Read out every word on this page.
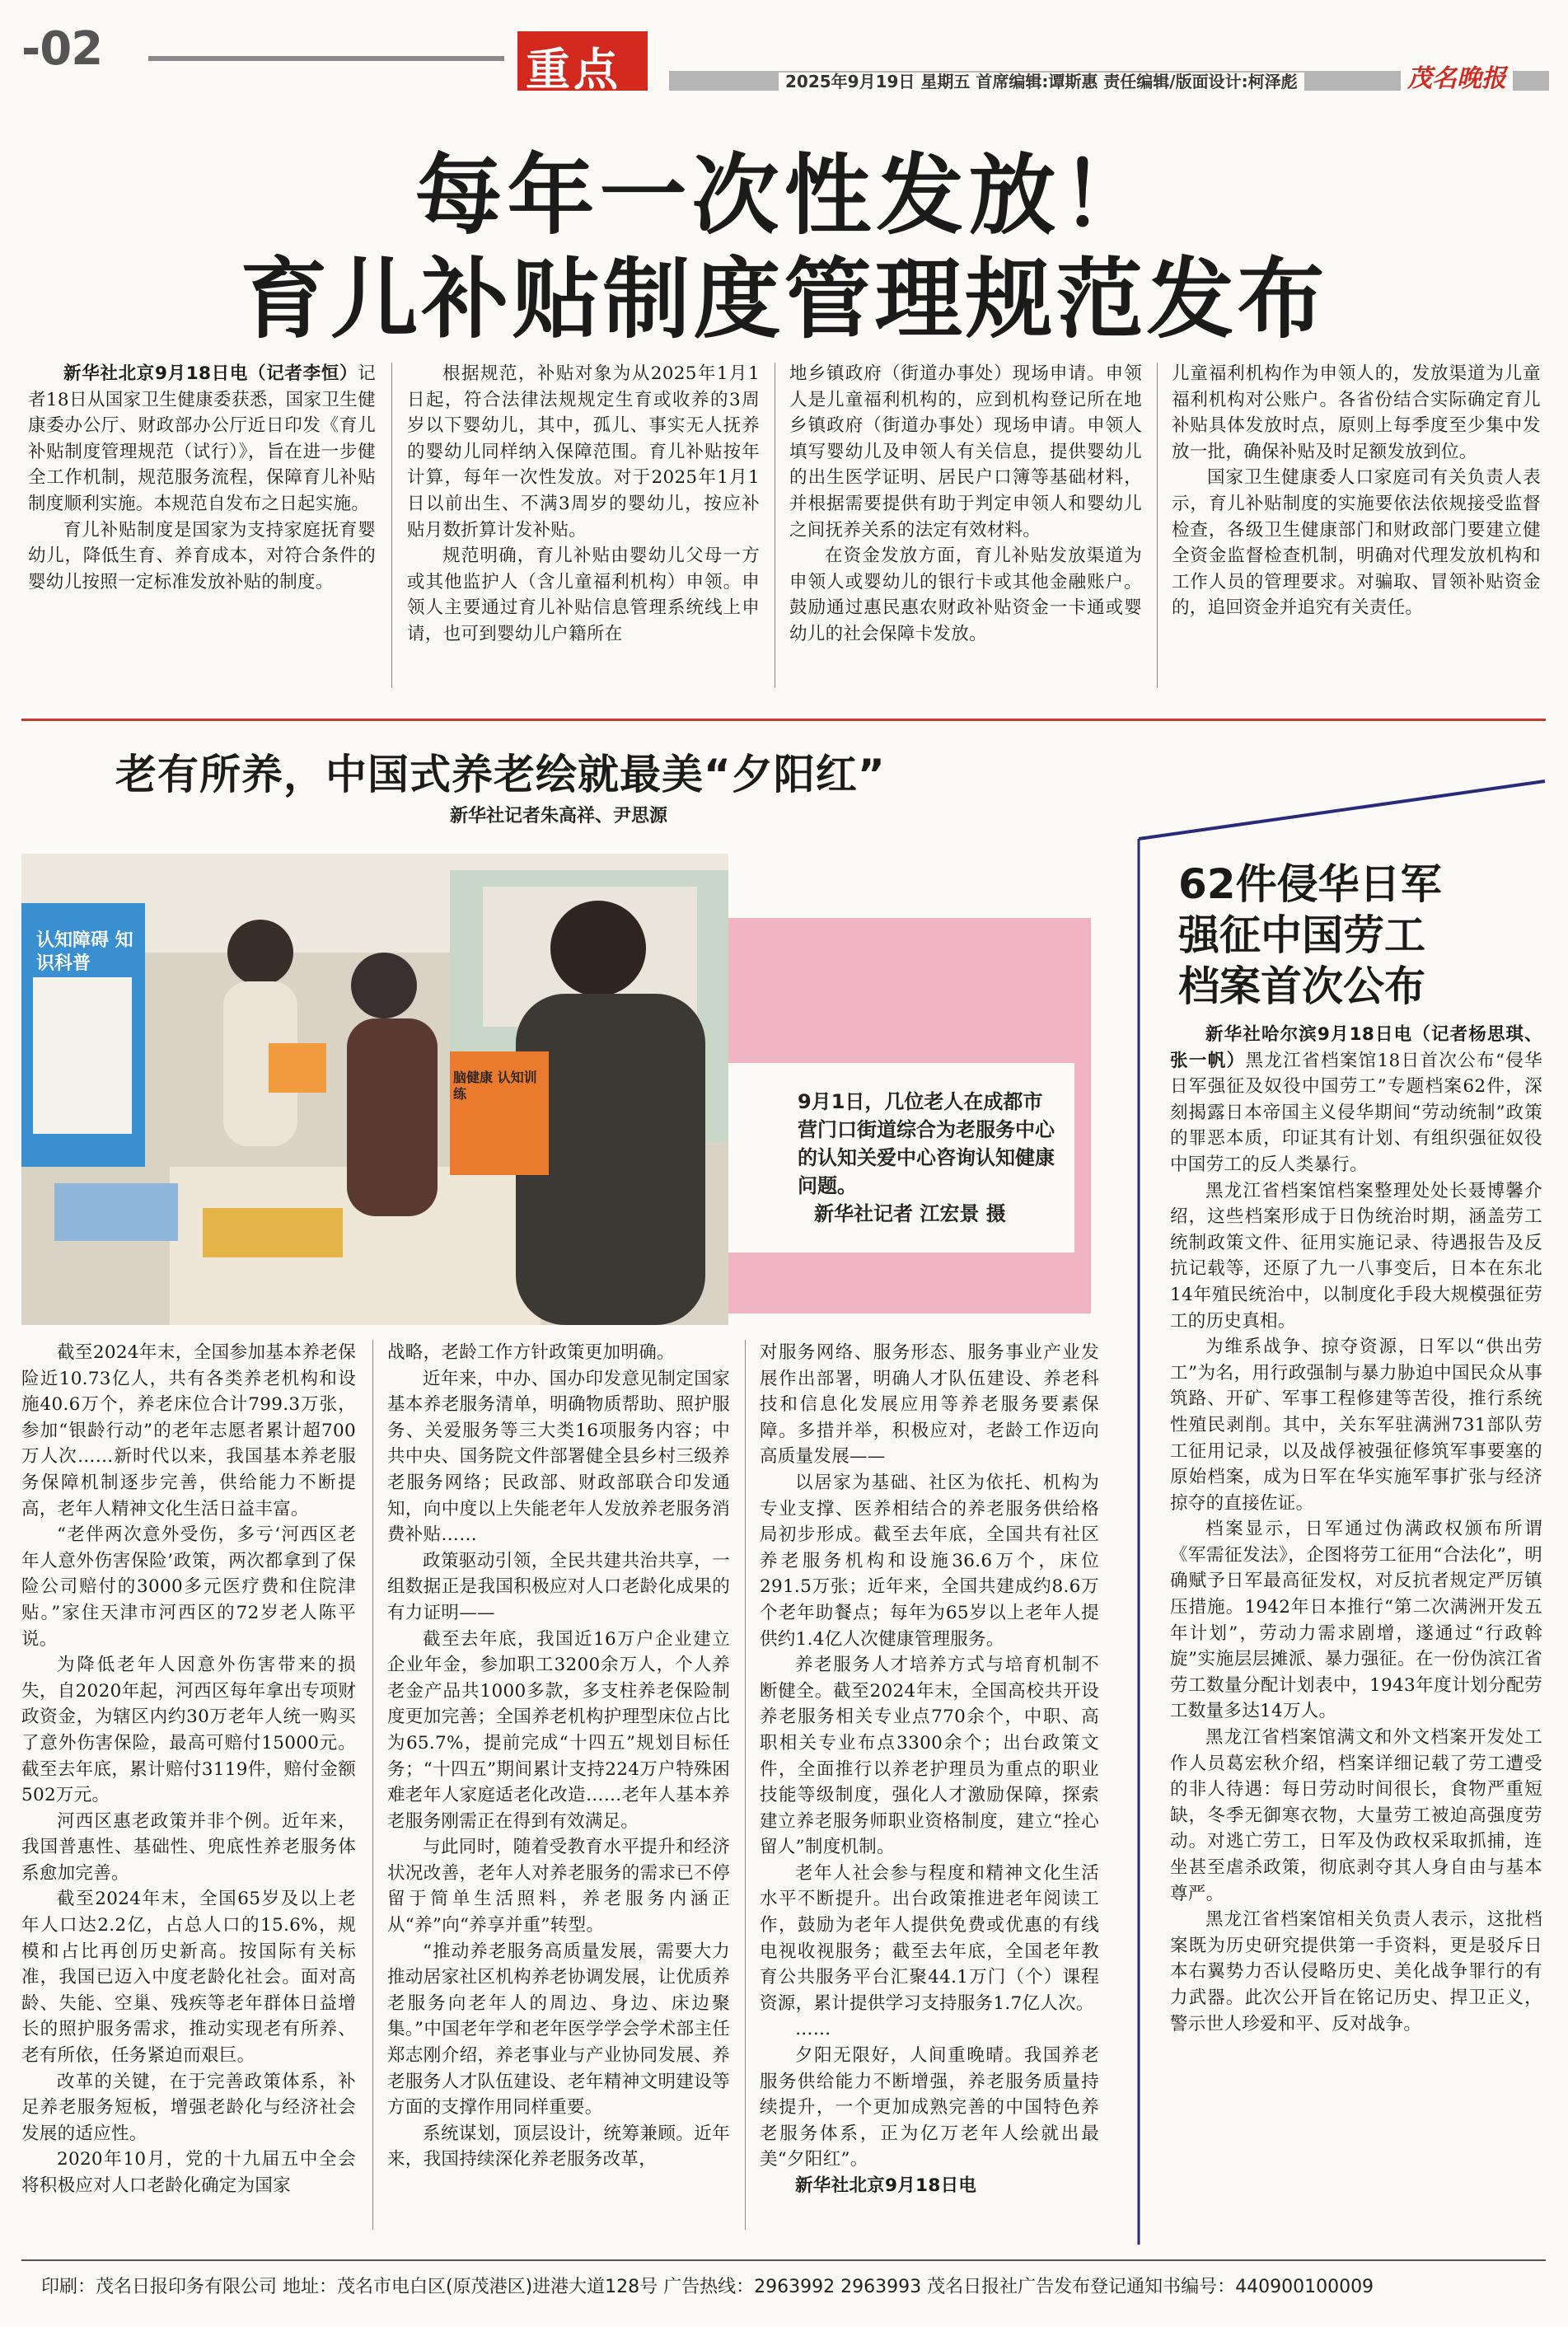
-02	重点	2025年9月19日 星期五 首席编辑:谭斯惠 责任编辑/版面设计:柯泽彪	茂名晚报
每年一次性发放！
育儿补贴制度管理规范发布

新华社北京9月18日电（记者李恒）记者18日从国家卫生健康委获悉，国家卫生健康委办公厅、财政部办公厅近日印发《育儿补贴制度管理规范（试行）》，旨在进一步健全工作机制，规范服务流程，保障育儿补贴制度顺利实施。本规范自发布之日起实施。

育儿补贴制度是国家为支持家庭抚育婴幼儿，降低生育、养育成本，对符合条件的婴幼儿按照一定标准发放补贴的制度。

根据规范，补贴对象为从2025年1月1日起，符合法律法规规定生育或收养的3周岁以下婴幼儿，其中，孤儿、事实无人抚养的婴幼儿同样纳入保障范围。育儿补贴按年计算，每年一次性发放。对于2025年1月1日以前出生、不满3周岁的婴幼儿，按应补贴月数折算计发补贴。

规范明确，育儿补贴由婴幼儿父母一方或其他监护人（含儿童福利机构）申领。申领人主要通过育儿补贴信息管理系统线上申请，也可到婴幼儿户籍所在

地乡镇政府（街道办事处）现场申请。申领人是儿童福利机构的，应到机构登记所在地乡镇政府（街道办事处）现场申请。申领人填写婴幼儿及申领人有关信息，提供婴幼儿的出生医学证明、居民户口簿等基础材料，并根据需要提供有助于判定申领人和婴幼儿之间抚养关系的法定有效材料。

在资金发放方面，育儿补贴发放渠道为申领人或婴幼儿的银行卡或其他金融账户。鼓励通过惠民惠农财政补贴资金一卡通或婴幼儿的社会保障卡发放。

儿童福利机构作为申领人的，发放渠道为儿童福利机构对公账户。各省份结合实际确定育儿补贴具体发放时点，原则上每季度至少集中发放一批，确保补贴及时足额发放到位。

国家卫生健康委人口家庭司有关负责人表示，育儿补贴制度的实施要依法依规接受监督检查，各级卫生健康部门和财政部门要建立健全资金监督检查机制，明确对代理发放机构和工作人员的管理要求。对骗取、冒领补贴资金的，追回资金并追究有关责任。

老有所养，中国式养老绘就最美“夕阳红”
新华社记者朱高祥、尹思源
认知障碍 知识科普
脑健康 认知训练	9月1日，几位老人在成都市营门口街道综合为老服务中心的认知关爱中心咨询认知健康问题。
新华社记者 江宏景 摄

截至2024年末，全国参加基本养老保险近10.73亿人，共有各类养老机构和设施40.6万个，养老床位合计799.3万张，参加“银龄行动”的老年志愿者累计超700万人次……新时代以来，我国基本养老服务保障机制逐步完善，供给能力不断提高，老年人精神文化生活日益丰富。

“老伴两次意外受伤，多亏‘河西区老年人意外伤害保险’政策，两次都拿到了保险公司赔付的3000多元医疗费和住院津贴。”家住天津市河西区的72岁老人陈平说。

为降低老年人因意外伤害带来的损失，自2020年起，河西区每年拿出专项财政资金，为辖区内约30万老年人统一购买了意外伤害保险，最高可赔付15000元。截至去年底，累计赔付3119件，赔付金额502万元。

河西区惠老政策并非个例。近年来，我国普惠性、基础性、兜底性养老服务体系愈加完善。

截至2024年末，全国65岁及以上老年人口达2.2亿，占总人口的15.6%，规模和占比再创历史新高。按国际有关标准，我国已迈入中度老龄化社会。面对高龄、失能、空巢、残疾等老年群体日益增长的照护服务需求，推动实现老有所养、老有所依，任务紧迫而艰巨。

改革的关键，在于完善政策体系，补足养老服务短板，增强老龄化与经济社会发展的适应性。

2020年10月，党的十九届五中全会将积极应对人口老龄化确定为国家

战略，老龄工作方针政策更加明确。

近年来，中办、国办印发意见制定国家基本养老服务清单，明确物质帮助、照护服务、关爱服务等三大类16项服务内容；中共中央、国务院文件部署健全县乡村三级养老服务网络；民政部、财政部联合印发通知，向中度以上失能老年人发放养老服务消费补贴……

政策驱动引领，全民共建共治共享，一组数据正是我国积极应对人口老龄化成果的有力证明——

截至去年底，我国近16万户企业建立企业年金，参加职工3200余万人，个人养老金产品共1000多款，多支柱养老保险制度更加完善；全国养老机构护理型床位占比为65.7%，提前完成“十四五”规划目标任务；“十四五”期间累计支持224万户特殊困难老年人家庭适老化改造……老年人基本养老服务刚需正在得到有效满足。

与此同时，随着受教育水平提升和经济状况改善，老年人对养老服务的需求已不停留于简单生活照料，养老服务内涵正从“养”向“养享并重”转型。

“推动养老服务高质量发展，需要大力推动居家社区机构养老协调发展，让优质养老服务向老年人的周边、身边、床边聚集。”中国老年学和老年医学学会学术部主任郑志刚介绍，养老事业与产业协同发展、养老服务人才队伍建设、老年精神文明建设等方面的支撑作用同样重要。

系统谋划，顶层设计，统筹兼顾。近年来，我国持续深化养老服务改革，

对服务网络、服务形态、服务事业产业发展作出部署，明确人才队伍建设、养老科技和信息化发展应用等养老服务要素保障。多措并举，积极应对，老龄工作迈向高质量发展——

以居家为基础、社区为依托、机构为专业支撑、医养相结合的养老服务供给格局初步形成。截至去年底，全国共有社区养老服务机构和设施36.6万个，床位291.5万张；近年来，全国共建成约8.6万个老年助餐点；每年为65岁以上老年人提供约1.4亿人次健康管理服务。

养老服务人才培养方式与培育机制不断健全。截至2024年末，全国高校共开设养老服务相关专业点770余个，中职、高职相关专业布点3300余个；出台政策文件，全面推行以养老护理员为重点的职业技能等级制度，强化人才激励保障，探索建立养老服务师职业资格制度，建立“拴心留人”制度机制。

老年人社会参与程度和精神文化生活水平不断提升。出台政策推进老年阅读工作，鼓励为老年人提供免费或优惠的有线电视收视服务；截至去年底，全国老年教育公共服务平台汇聚44.1万门（个）课程资源，累计提供学习支持服务1.7亿人次。

……

夕阳无限好，人间重晚晴。我国养老服务供给能力不断增强，养老服务质量持续提升，一个更加成熟完善的中国特色养老服务体系，正为亿万老年人绘就出最美“夕阳红”。

新华社北京9月18日电

62件侵华日军
强征中国劳工
档案首次公布

新华社哈尔滨9月18日电（记者杨思琪、张一帆）黑龙江省档案馆18日首次公布“侵华日军强征及奴役中国劳工”专题档案62件，深刻揭露日本帝国主义侵华期间“劳动统制”政策的罪恶本质，印证其有计划、有组织强征奴役中国劳工的反人类暴行。

黑龙江省档案馆档案整理处处长聂博馨介绍，这些档案形成于日伪统治时期，涵盖劳工统制政策文件、征用实施记录、待遇报告及反抗记载等，还原了九一八事变后，日本在东北14年殖民统治中，以制度化手段大规模强征劳工的历史真相。

为维系战争、掠夺资源，日军以“供出劳工”为名，用行政强制与暴力胁迫中国民众从事筑路、开矿、军事工程修建等苦役，推行系统性殖民剥削。其中，关东军驻满洲731部队劳工征用记录，以及战俘被强征修筑军事要塞的原始档案，成为日军在华实施军事扩张与经济掠夺的直接佐证。

档案显示，日军通过伪满政权颁布所谓《军需征发法》，企图将劳工征用“合法化”，明确赋予日军最高征发权，对反抗者规定严厉镇压措施。1942年日本推行“第二次满洲开发五年计划”，劳动力需求剧增，遂通过“行政斡旋”实施层层摊派、暴力强征。在一份伪滨江省劳工数量分配计划表中，1943年度计划分配劳工数量多达14万人。

黑龙江省档案馆满文和外文档案开发处工作人员葛宏秋介绍，档案详细记载了劳工遭受的非人待遇：每日劳动时间很长，食物严重短缺，冬季无御寒衣物，大量劳工被迫高强度劳动。对逃亡劳工，日军及伪政权采取抓捕，连坐甚至虐杀政策，彻底剥夺其人身自由与基本尊严。

黑龙江省档案馆相关负责人表示，这批档案既为历史研究提供第一手资料，更是驳斥日本右翼势力否认侵略历史、美化战争罪行的有力武器。此次公开旨在铭记历史、捍卫正义，警示世人珍爱和平、反对战争。

印刷：茂名日报印务有限公司 地址：茂名市电白区(原茂港区)进港大道128号 广告热线：2963992 2963993 茂名日报社广告发布登记通知书编号：440900100009
